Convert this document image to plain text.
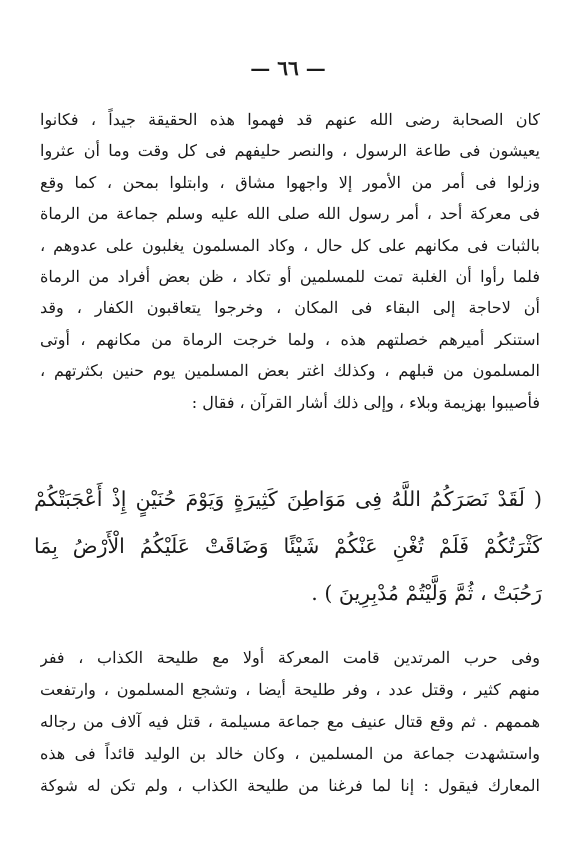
— ٦٦ —
كان الصحابة رضى الله عنهم قد فهموا هذه الحقيقة جيداً ، فكانوا
يعيشون فى طاعة الرسول ، والنصر حليفهم فى كل وقت وما أن عثروا
وزلوا فى أمر من الأمور إلا واجهوا مشاق ، وابتلوا بمحن ، كما وقع
فى معركة أحد ، أمر رسول الله صلى الله عليه وسلم جماعة من الرماة
بالثبات فى مكانهم على كل حال ، وكاد المسلمون يغلبون على عدوهم ،
فلما رأوا أن الغلبة تمت للمسلمين أو تكاد ، ظن بعض أفراد من الرماة
أن لاحاجة إلى البقاء فى المكان ، وخرجوا يتعاقبون الكفار ، وقد
استنكر أميرهم خصلتهم هذه ، ولما خرجت الرماة من مكانهم ، أوتى
المسلمون من قبلهم ، وكذلك اغتر بعض المسلمين يوم حنين بكثرتهم ،
فأصيبوا بهزيمة وبلاء ، وإلى ذلك أشار القرآن ، فقال :
( لَقَدْ نَصَرَكُمُ اللَّهُ فِى مَوَاطِنَ كَثِيرَةٍ وَيَوْمَ حُنَيْنٍ إِذْ أَعْجَبَتْكُمْ
كَثْرَتُكُمْ فَلَمْ تُغْنِ عَنْكُمْ شَيْئًا وَضَاقَتْ عَلَيْكُمُ الْأَرْضُ بِمَا
رَحُبَتْ ، ثُمَّ وَلَّيْتُمْ مُدْبِرِينَ ) .
وفى حرب المرتدين قامت المعركة أولا مع طليحة الكذاب ، ففر
منهم كثير ، وقتل عدد ، وفر طليحة أيضا ، وتشجع المسلمون ، وارتفعت
هممهم . ثم وقع قتال عنيف مع جماعة مسيلمة ، قتل فيه آلاف من رجاله
واستشهدت جماعة من المسلمين ، وكان خالد بن الوليد قائداً فى هذه
المعارك فيقول : إنا لما فرغنا من طليحة الكذاب ، ولم تكن له شوكة
